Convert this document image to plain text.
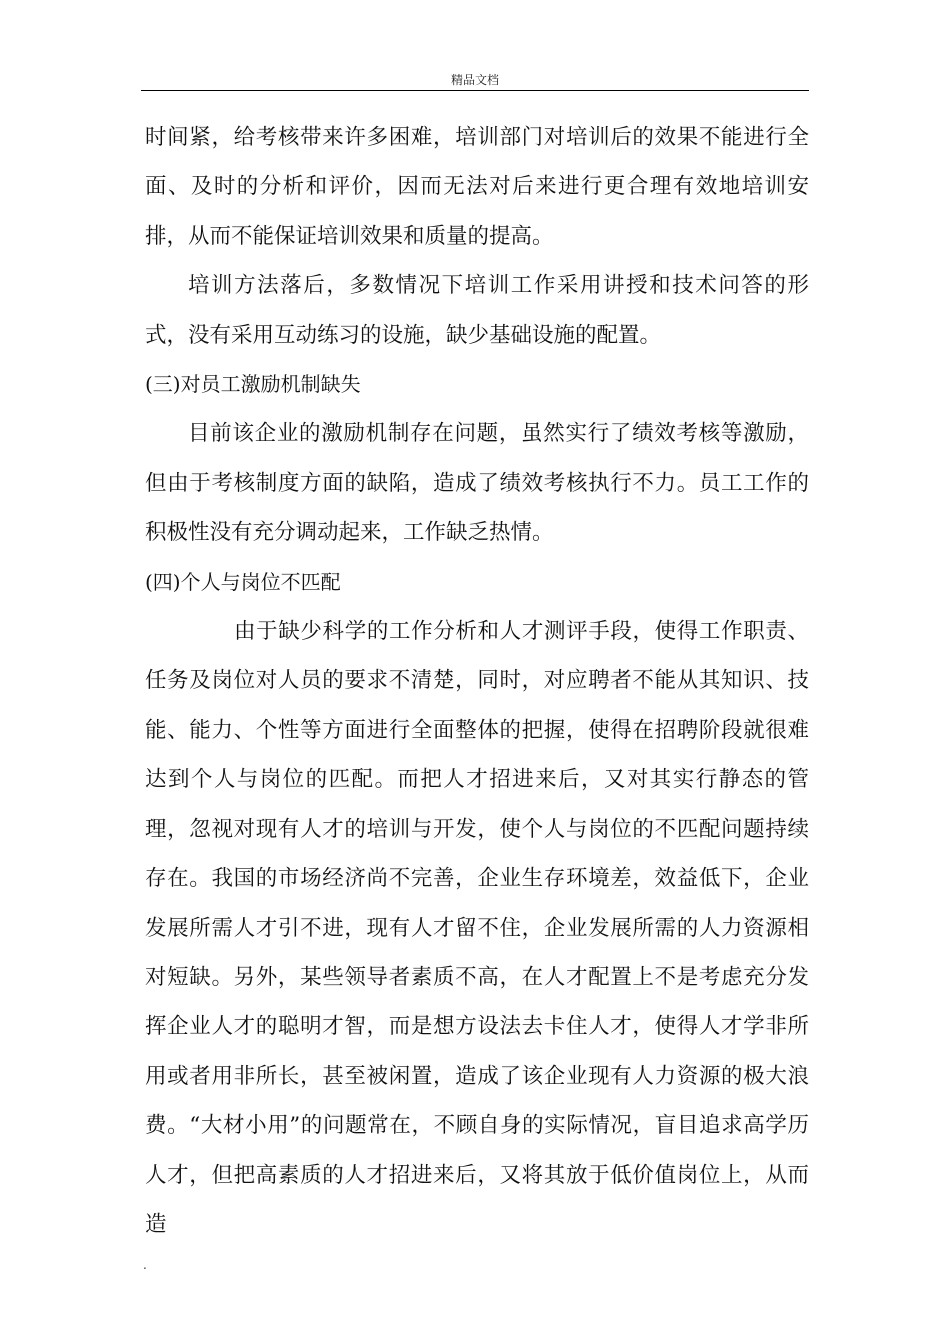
精品文档

时间紧，给考核带来许多困难，培训部门对培训后的效果不能进行全面、及时的分析和评价，因而无法对后来进行更合理有效地培训安排，从而不能保证培训效果和质量的提高。

培训方法落后，多数情况下培训工作采用讲授和技术问答的形式，没有采用互动练习的设施，缺少基础设施的配置。

(三)对员工激励机制缺失

目前该企业的激励机制存在问题，虽然实行了绩效考核等激励，但由于考核制度方面的缺陷，造成了绩效考核执行不力。员工工作的积极性没有充分调动起来，工作缺乏热情。

(四)个人与岗位不匹配

由于缺少科学的工作分析和人才测评手段，使得工作职责、任务及岗位对人员的要求不清楚，同时，对应聘者不能从其知识、技能、能力、个性等方面进行全面整体的把握，使得在招聘阶段就很难达到个人与岗位的匹配。而把人才招进来后，又对其实行静态的管理，忽视对现有人才的培训与开发，使个人与岗位的不匹配问题持续存在。我国的市场经济尚不完善，企业生存环境差，效益低下，企业发展所需人才引不进，现有人才留不住，企业发展所需的人力资源相对短缺。另外，某些领导者素质不高，在人才配置上不是考虑充分发挥企业人才的聪明才智，而是想方设法去卡住人才，使得人才学非所用或者用非所长，甚至被闲置，造成了该企业现有人力资源的极大浪费。“大材小用”的问题常在，不顾自身的实际情况，盲目追求高学历人才，但把高素质的人才招进来后，又将其放于低价值岗位上，从而造

.
